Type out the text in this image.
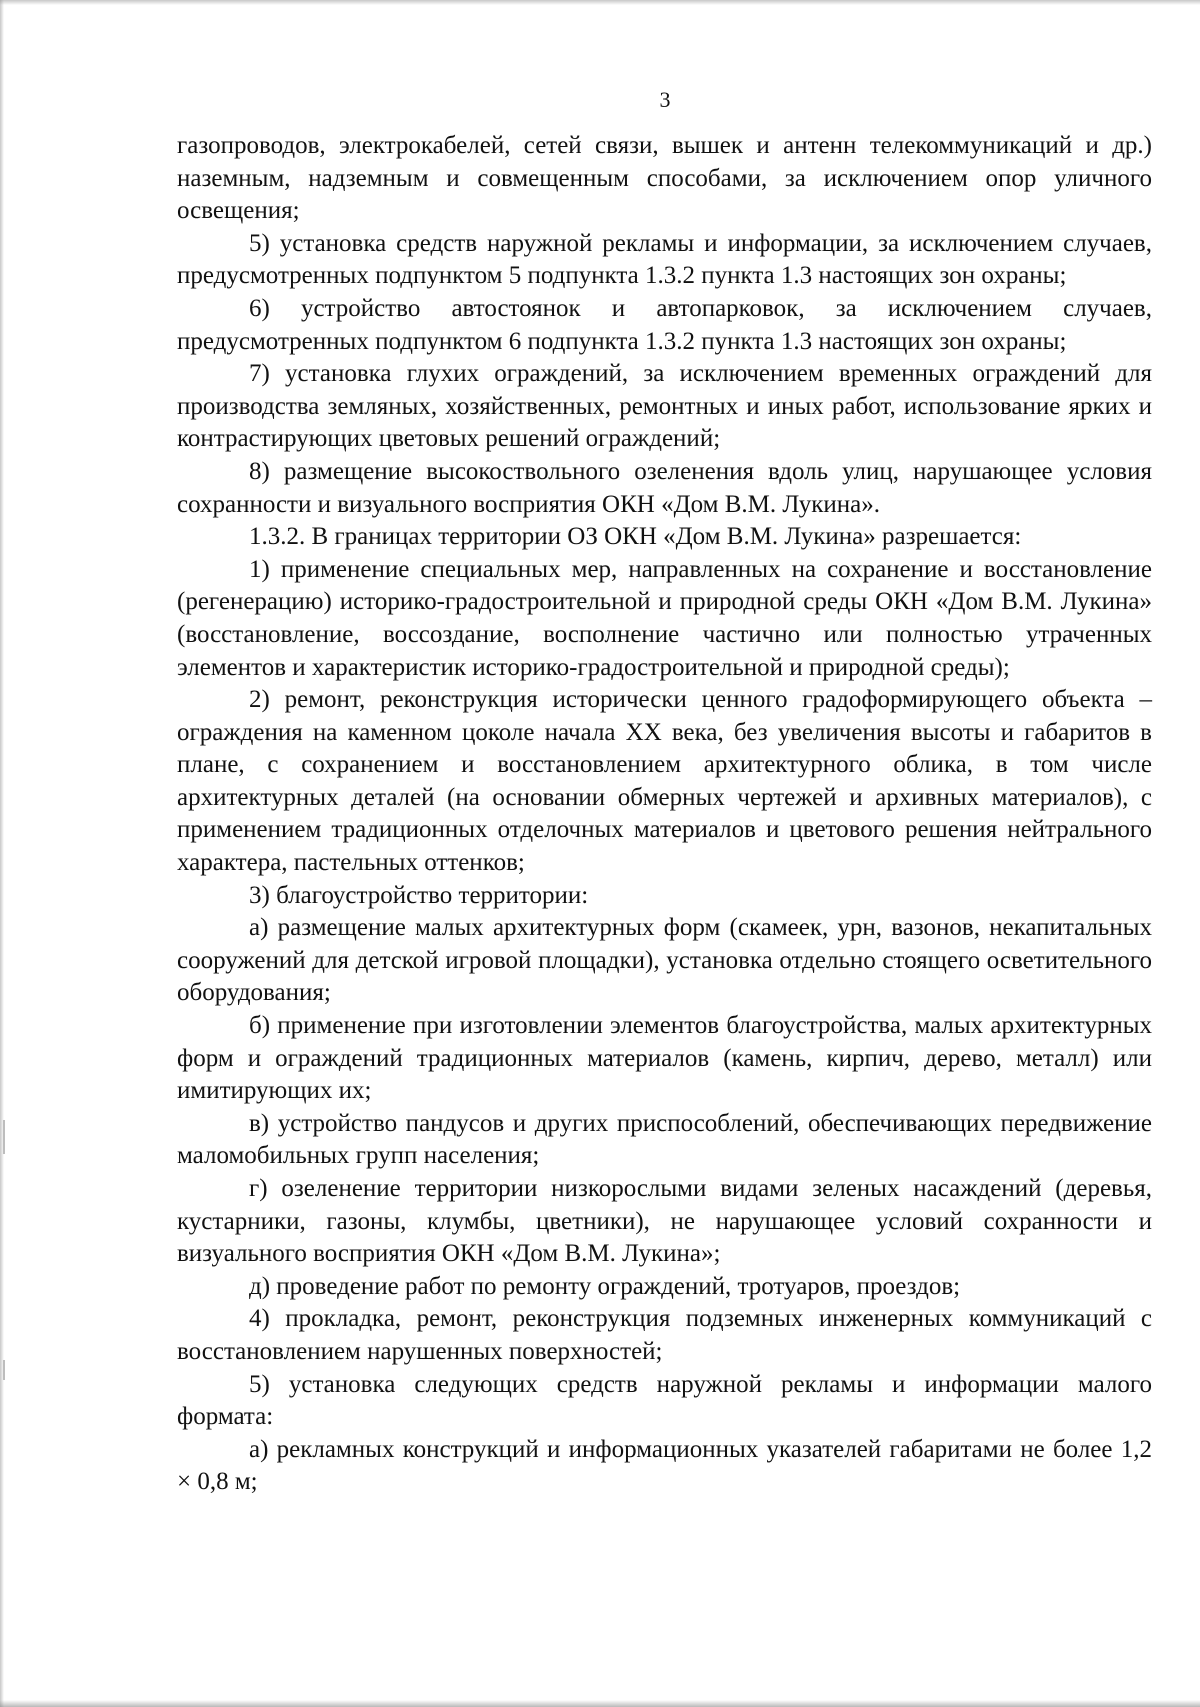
3

газопроводов, электрокабелей, сетей связи, вышек и антенн телекоммуникаций и др.) наземным, надземным и совмещенным способами, за исключением опор уличного освещения;

5) установка средств наружной рекламы и информации, за исключением случаев, предусмотренных подпунктом 5 подпункта 1.3.2 пункта 1.3 настоящих зон охраны;

6) устройство автостоянок и автопарковок, за исключением случаев, предусмотренных подпунктом 6 подпункта 1.3.2 пункта 1.3 настоящих зон охраны;

7) установка глухих ограждений, за исключением временных ограждений для производства земляных, хозяйственных, ремонтных и иных работ, использование ярких и контрастирующих цветовых решений ограждений;

8) размещение высокоствольного озеленения вдоль улиц, нарушающее условия сохранности и визуального восприятия ОКН «Дом В.М. Лукина».

1.3.2. В границах территории ОЗ ОКН «Дом В.М. Лукина» разрешается:

1) применение специальных мер, направленных на сохранение и восстановление (регенерацию) историко-градостроительной и природной среды ОКН «Дом В.М. Лукина» (восстановление, воссоздание, восполнение частично или полностью утраченных элементов и характеристик историко-градостроительной и природной среды);

2) ремонт, реконструкция исторически ценного градоформирующего объекта – ограждения на каменном цоколе начала XX века, без увеличения высоты и габаритов в плане, с сохранением и восстановлением архитектурного облика, в том числе архитектурных деталей (на основании обмерных чертежей и архивных материалов), с применением традиционных отделочных материалов и цветового решения нейтрального характера, пастельных оттенков;

3) благоустройство территории:

а) размещение малых архитектурных форм (скамеек, урн, вазонов, некапитальных сооружений для детской игровой площадки), установка отдельно стоящего осветительного оборудования;

б) применение при изготовлении элементов благоустройства, малых архитектурных форм и ограждений традиционных материалов (камень, кирпич, дерево, металл) или имитирующих их;

в) устройство пандусов и других приспособлений, обеспечивающих передвижение маломобильных групп населения;

г) озеленение территории низкорослыми видами зеленых насаждений (деревья, кустарники, газоны, клумбы, цветники), не нарушающее условий сохранности и визуального восприятия ОКН «Дом В.М. Лукина»;

д) проведение работ по ремонту ограждений, тротуаров, проездов;

4) прокладка, ремонт, реконструкция подземных инженерных коммуникаций с восстановлением нарушенных поверхностей;

5) установка следующих средств наружной рекламы и информации малого формата:

а) рекламных конструкций и информационных указателей габаритами не более 1,2 × 0,8 м;
